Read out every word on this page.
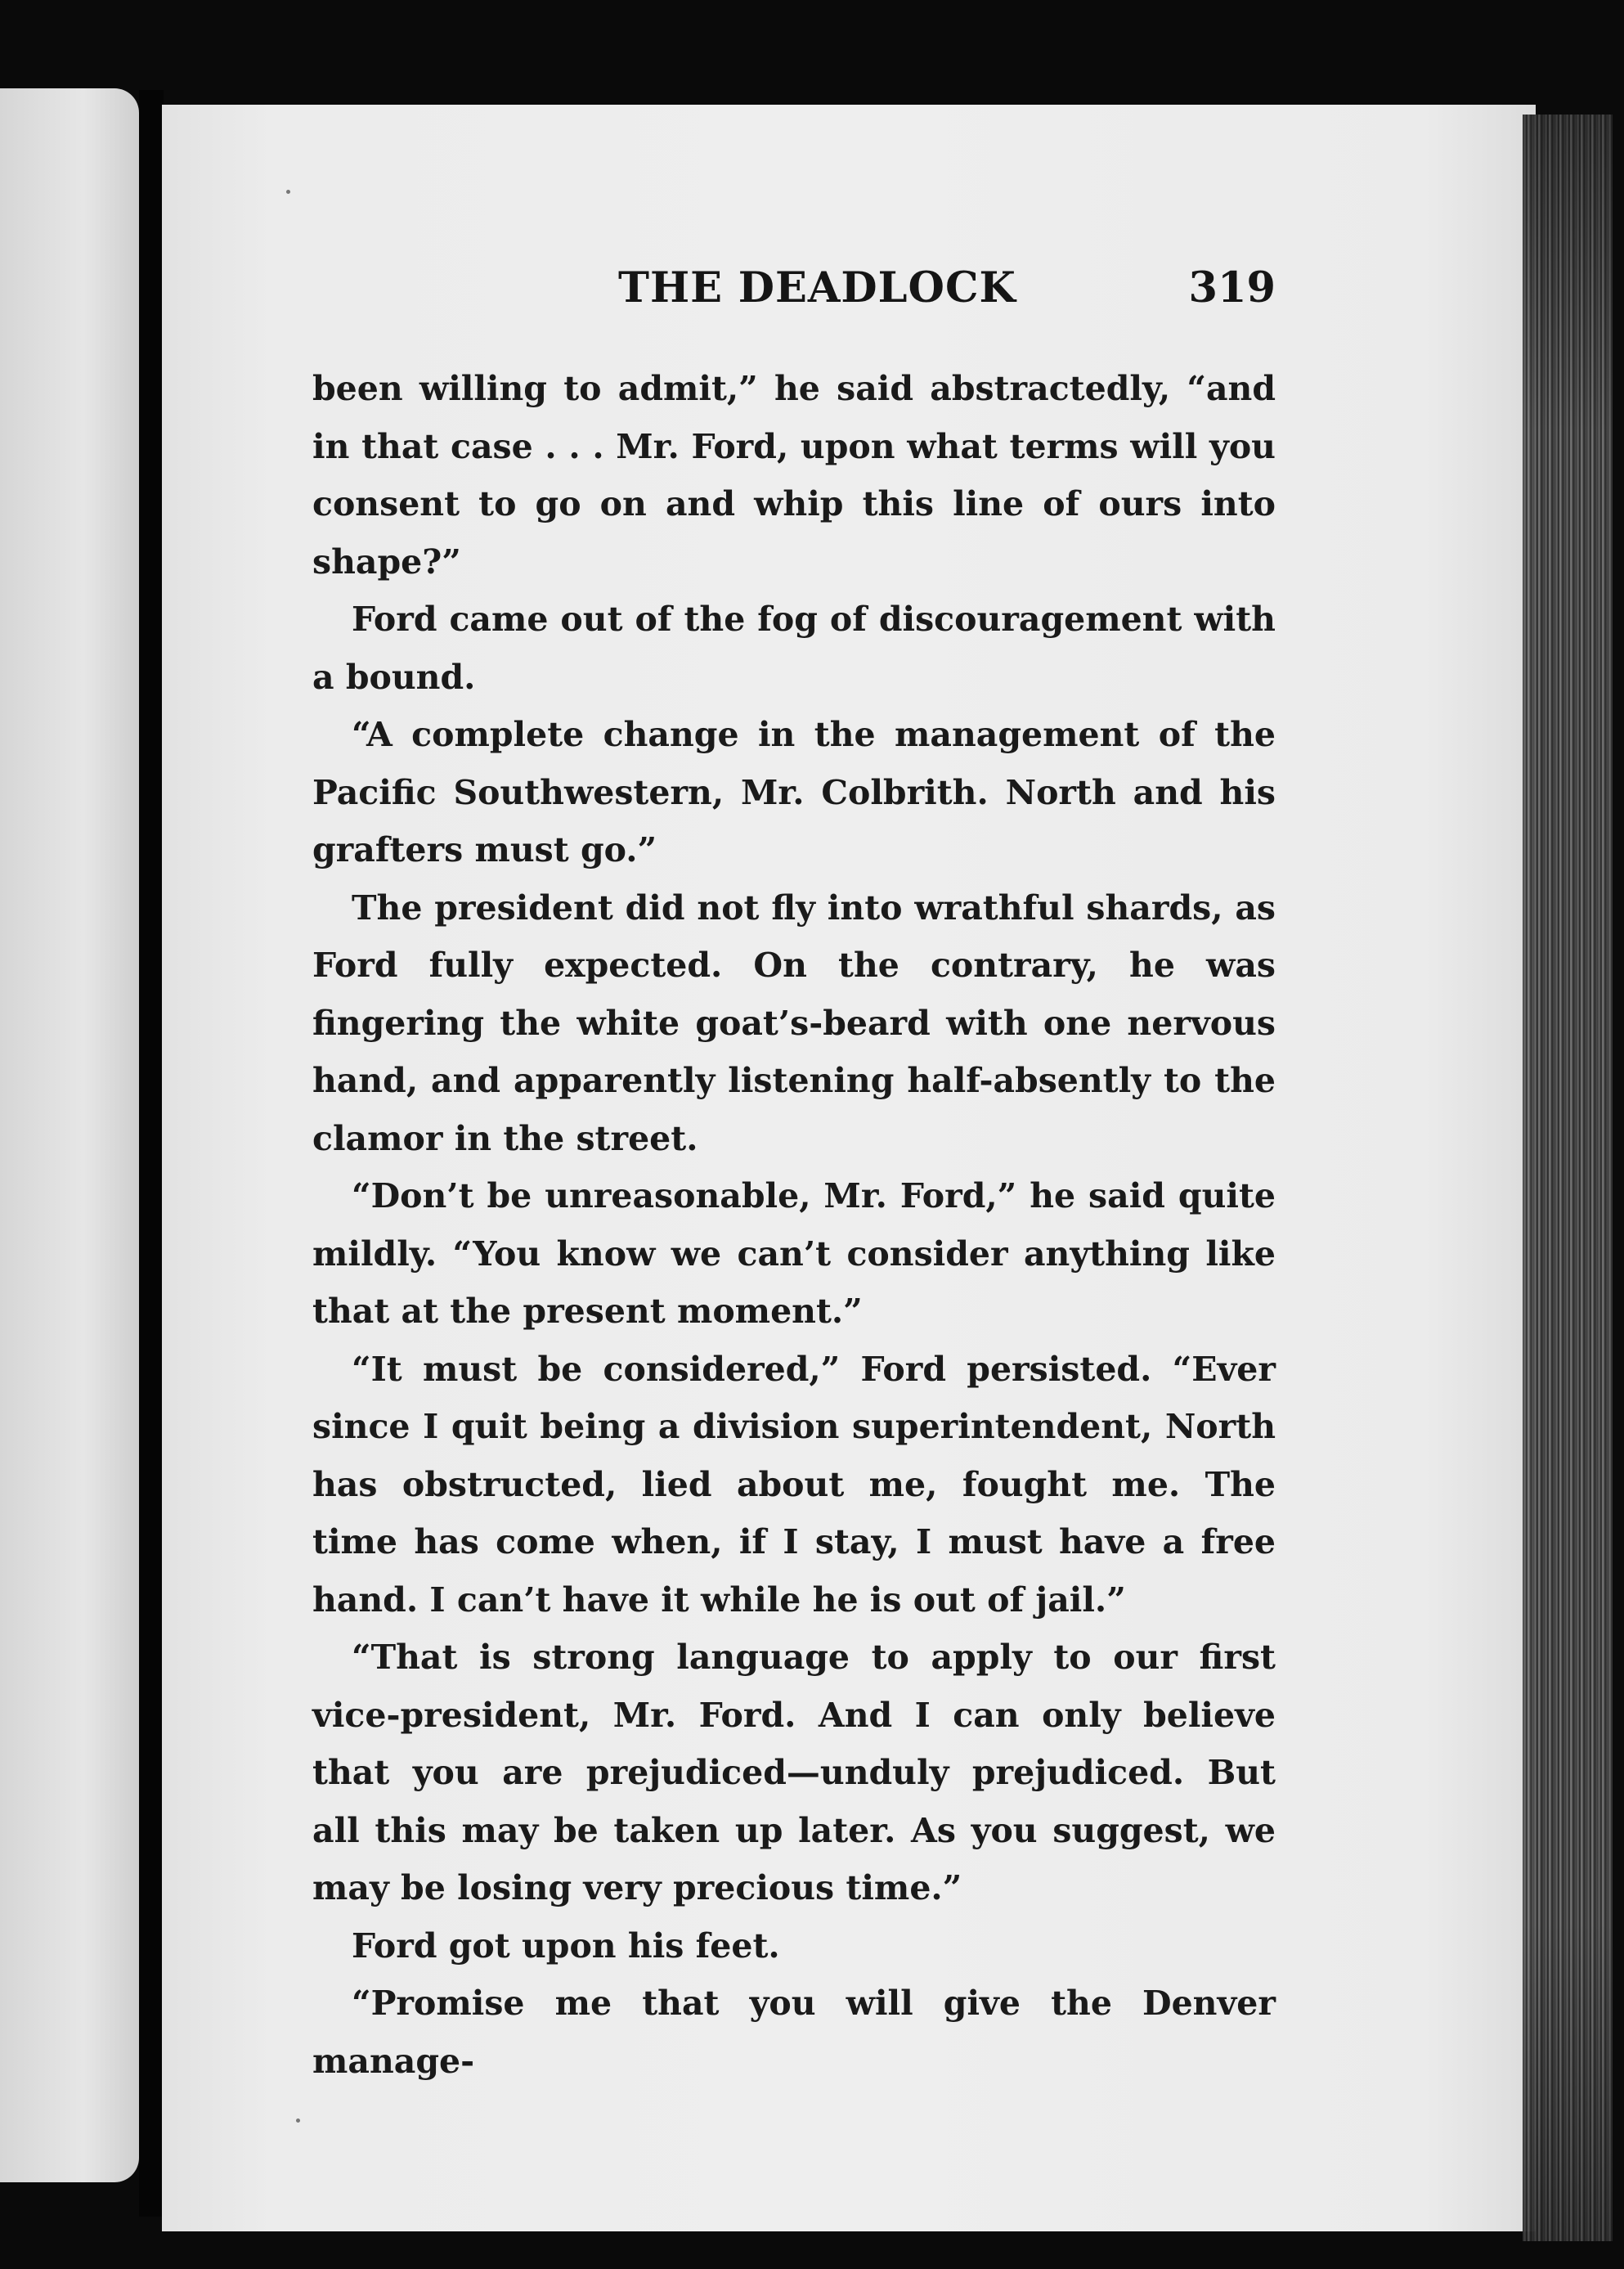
THE DEADLOCK	319

been willing to admit,” he said abstractedly, “and in that case . . . Mr. Ford, upon what terms will you consent to go on and whip this line of ours into shape?”

Ford came out of the fog of discouragement with a bound.

“A complete change in the management of the Pacific Southwestern, Mr. Colbrith. North and his grafters must go.”

The president did not fly into wrathful shards, as Ford fully expected. On the contrary, he was fingering the white goat’s-beard with one nervous hand, and apparently listening half-absently to the clamor in the street.

“Don’t be unreasonable, Mr. Ford,” he said quite mildly. “You know we can’t consider anything like that at the present moment.”

“It must be considered,” Ford persisted. “Ever since I quit being a division superintendent, North has obstructed, lied about me, fought me. The time has come when, if I stay, I must have a free hand. I can’t have it while he is out of jail.”

“That is strong language to apply to our first vice-president, Mr. Ford. And I can only believe that you are prejudiced—unduly prejudiced. But all this may be taken up later. As you suggest, we may be losing very precious time.”

Ford got upon his feet.

“Promise me that you will give the Denver manage-
